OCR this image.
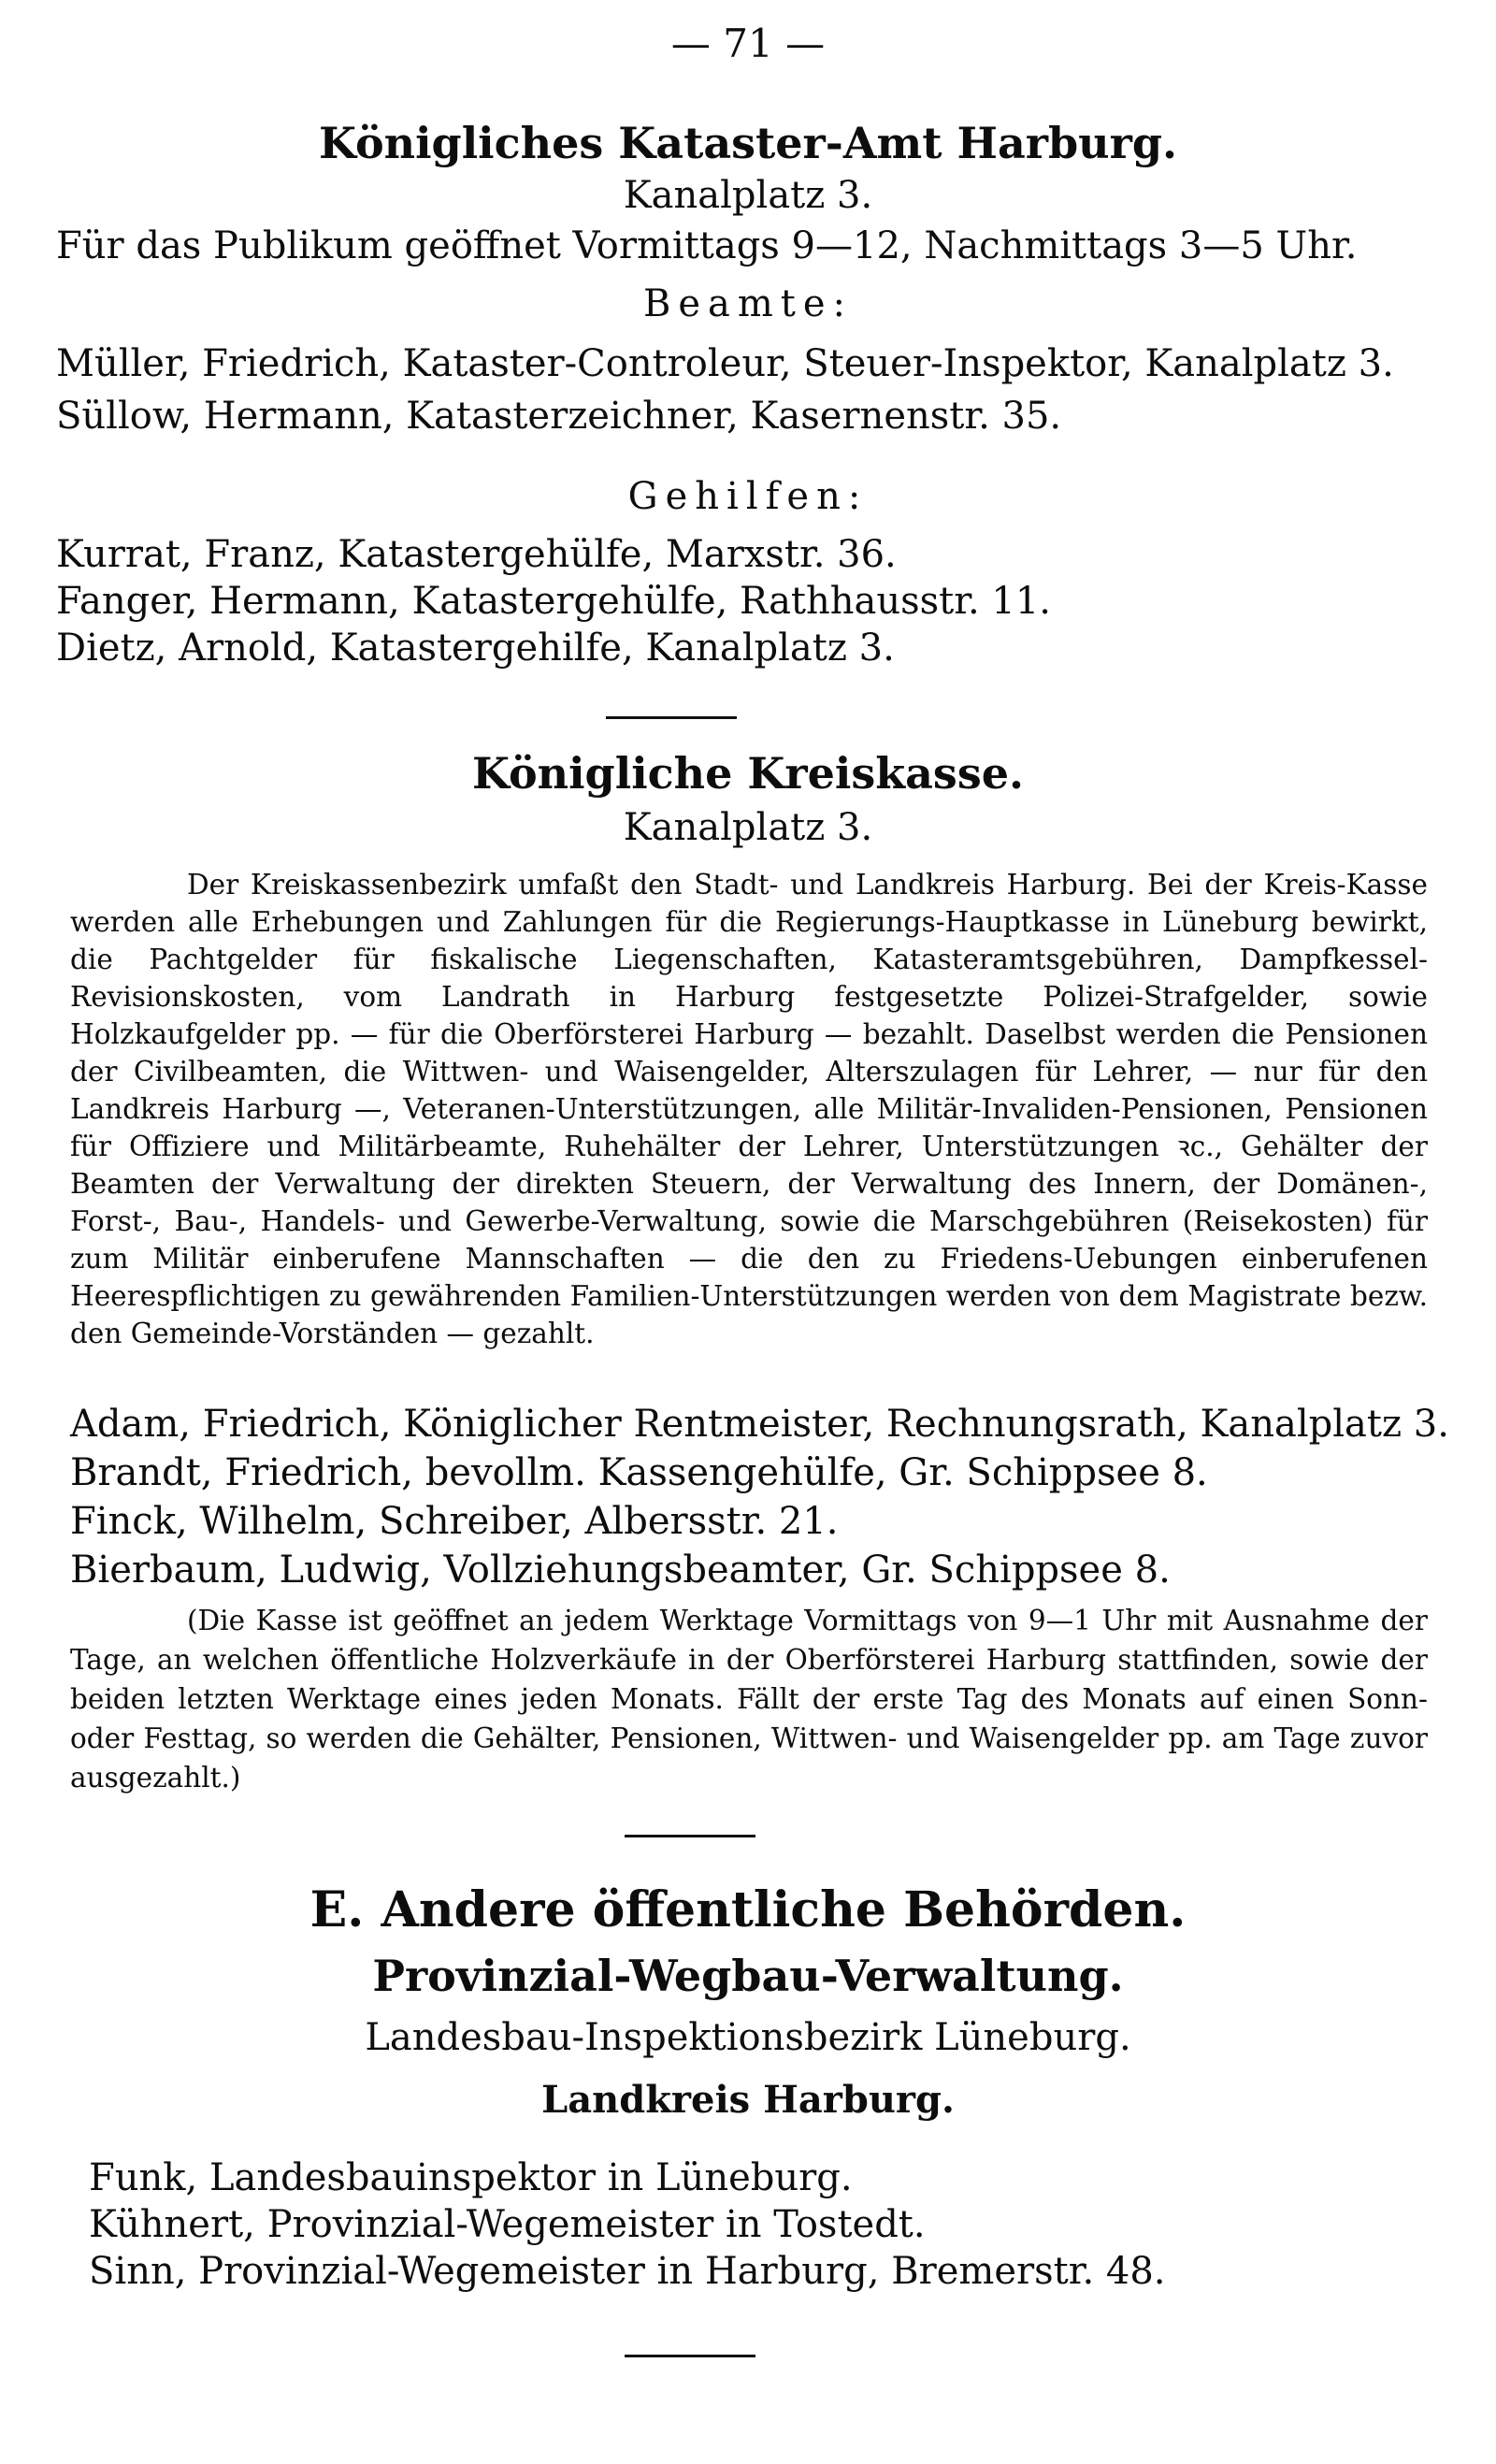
— 71 —
Königliches Kataster-Amt Harburg.
Kanalplatz 3.
Für das Publikum geöffnet Vormittags 9—12, Nachmittags 3—5 Uhr.
Beamte:
Müller, Friedrich, Kataster-Controleur, Steuer-Inspektor, Kanalplatz 3.
Süllow, Hermann, Katasterzeichner, Kasernenstr. 35.
Gehilfen:
Kurrat, Franz, Katastergehülfe, Marxstr. 36.
Fanger, Hermann, Katastergehülfe, Rathhausstr. 11.
Dietz, Arnold, Katastergehilfe, Kanalplatz 3.
Königliche Kreiskasse.
Kanalplatz 3.
Der Kreiskassenbezirk umfaßt den Stadt- und Landkreis Harburg. Bei der Kreis-Kasse werden alle Erhebungen und Zahlungen für die Regierungs-Hauptkasse in Lüneburg bewirkt, die Pachtgelder für fiskalische Liegenschaften, Katasteramtsgebühren, Dampfkessel-Revisionskosten, vom Landrath in Harburg festgesetzte Polizei-Strafgelder, sowie Holzkaufgelder pp. — für die Oberförsterei Harburg — bezahlt. Daselbst werden die Pensionen der Civilbeamten, die Wittwen- und Waisengelder, Alterszulagen für Lehrer, — nur für den Landkreis Harburg —, Veteranen-Unterstützungen, alle Militär-Invaliden-Pensionen, Pensionen für Offiziere und Militärbeamte, Ruhehälter der Lehrer, Unterstützungen ꝛc., Gehälter der Beamten der Verwaltung der direkten Steuern, der Verwaltung des Innern, der Domänen-, Forst-, Bau-, Handels- und Gewerbe-Verwaltung, sowie die Marschgebühren (Reisekosten) für zum Militär einberufene Mannschaften — die den zu Friedens-Uebungen einberufenen Heerespflichtigen zu gewährenden Familien-Unterstützungen werden von dem Magistrate bezw. den Gemeinde-Vorständen — gezahlt.
Adam, Friedrich, Königlicher Rentmeister, Rechnungsrath, Kanalplatz 3.
Brandt, Friedrich, bevollm. Kassengehülfe, Gr. Schippsee 8.
Finck, Wilhelm, Schreiber, Albersstr. 21.
Bierbaum, Ludwig, Vollziehungsbeamter, Gr. Schippsee 8.
(Die Kasse ist geöffnet an jedem Werktage Vormittags von 9—1 Uhr mit Ausnahme der Tage, an welchen öffentliche Holzverkäufe in der Oberförsterei Harburg stattfinden, sowie der beiden letzten Werktage eines jeden Monats. Fällt der erste Tag des Monats auf einen Sonn- oder Festtag, so werden die Gehälter, Pensionen, Wittwen- und Waisengelder pp. am Tage zuvor ausgezahlt.)
E. Andere öffentliche Behörden.
Provinzial-Wegbau-Verwaltung.
Landesbau-Inspektionsbezirk Lüneburg.
Landkreis Harburg.
Funk, Landesbauinspektor in Lüneburg.
Kühnert, Provinzial-Wegemeister in Tostedt.
Sinn, Provinzial-Wegemeister in Harburg, Bremerstr. 48.
